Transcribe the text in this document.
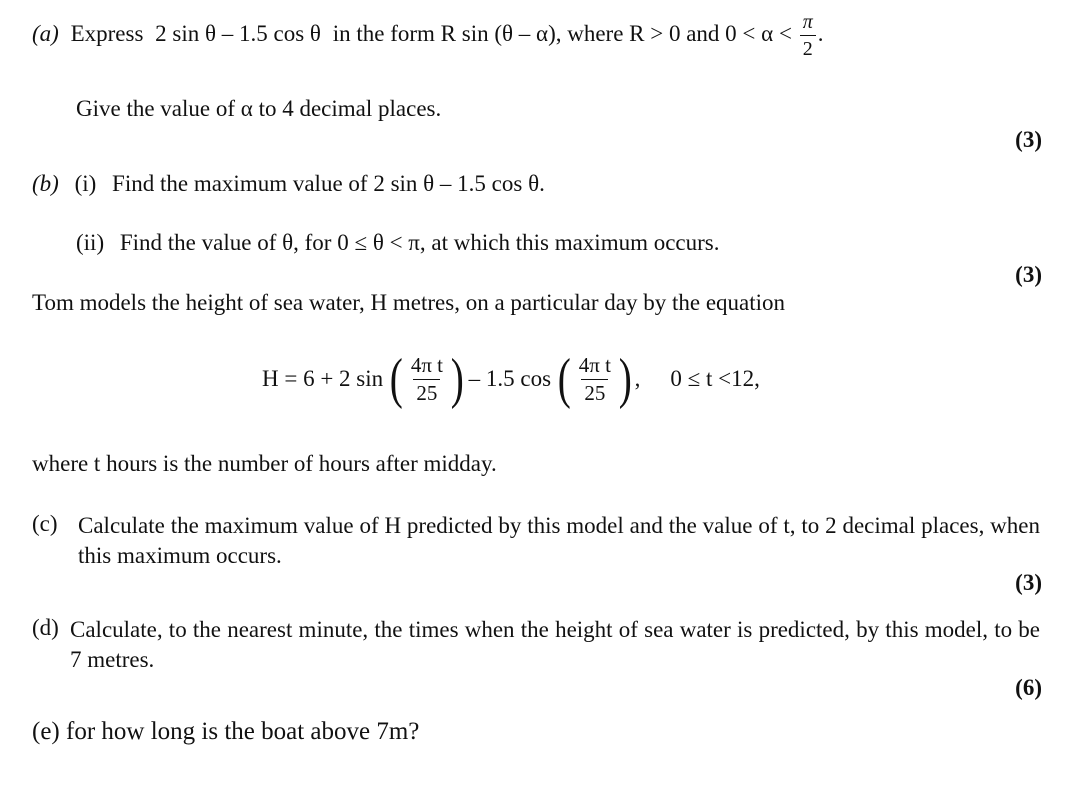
(a) Express 2 sin θ – 1.5 cos θ in the form R sin (θ – α), where R > 0 and $0 < \alpha < \frac{\pi}{2}$ .
Give the value of α to 4 decimal places.
(3)
(b) (i) Find the maximum value of 2 sin θ – 1.5 cos θ.
(ii) Find the value of θ, for 0 ≤ θ < π, at which this maximum occurs.
(3)
Tom models the height of sea water, H metres, on a particular day by the equation
H = 6 + 2 sin ( $\frac{\text{4π t}}{25}$ ) – 1.5 cos ( $\frac{\text{4π t}}{25}$ ) , 0 ≤ t <12,
where t hours is the number of hours after midday.
(c) Calculate the maximum value of H predicted by this model and the value of t, to 2 decimal places, when this maximum occurs.
(3)
(d) Calculate, to the nearest minute, the times when the height of sea water is predicted, by this model, to be 7 metres.
(6)
(e) for how long is the boat above 7m?
